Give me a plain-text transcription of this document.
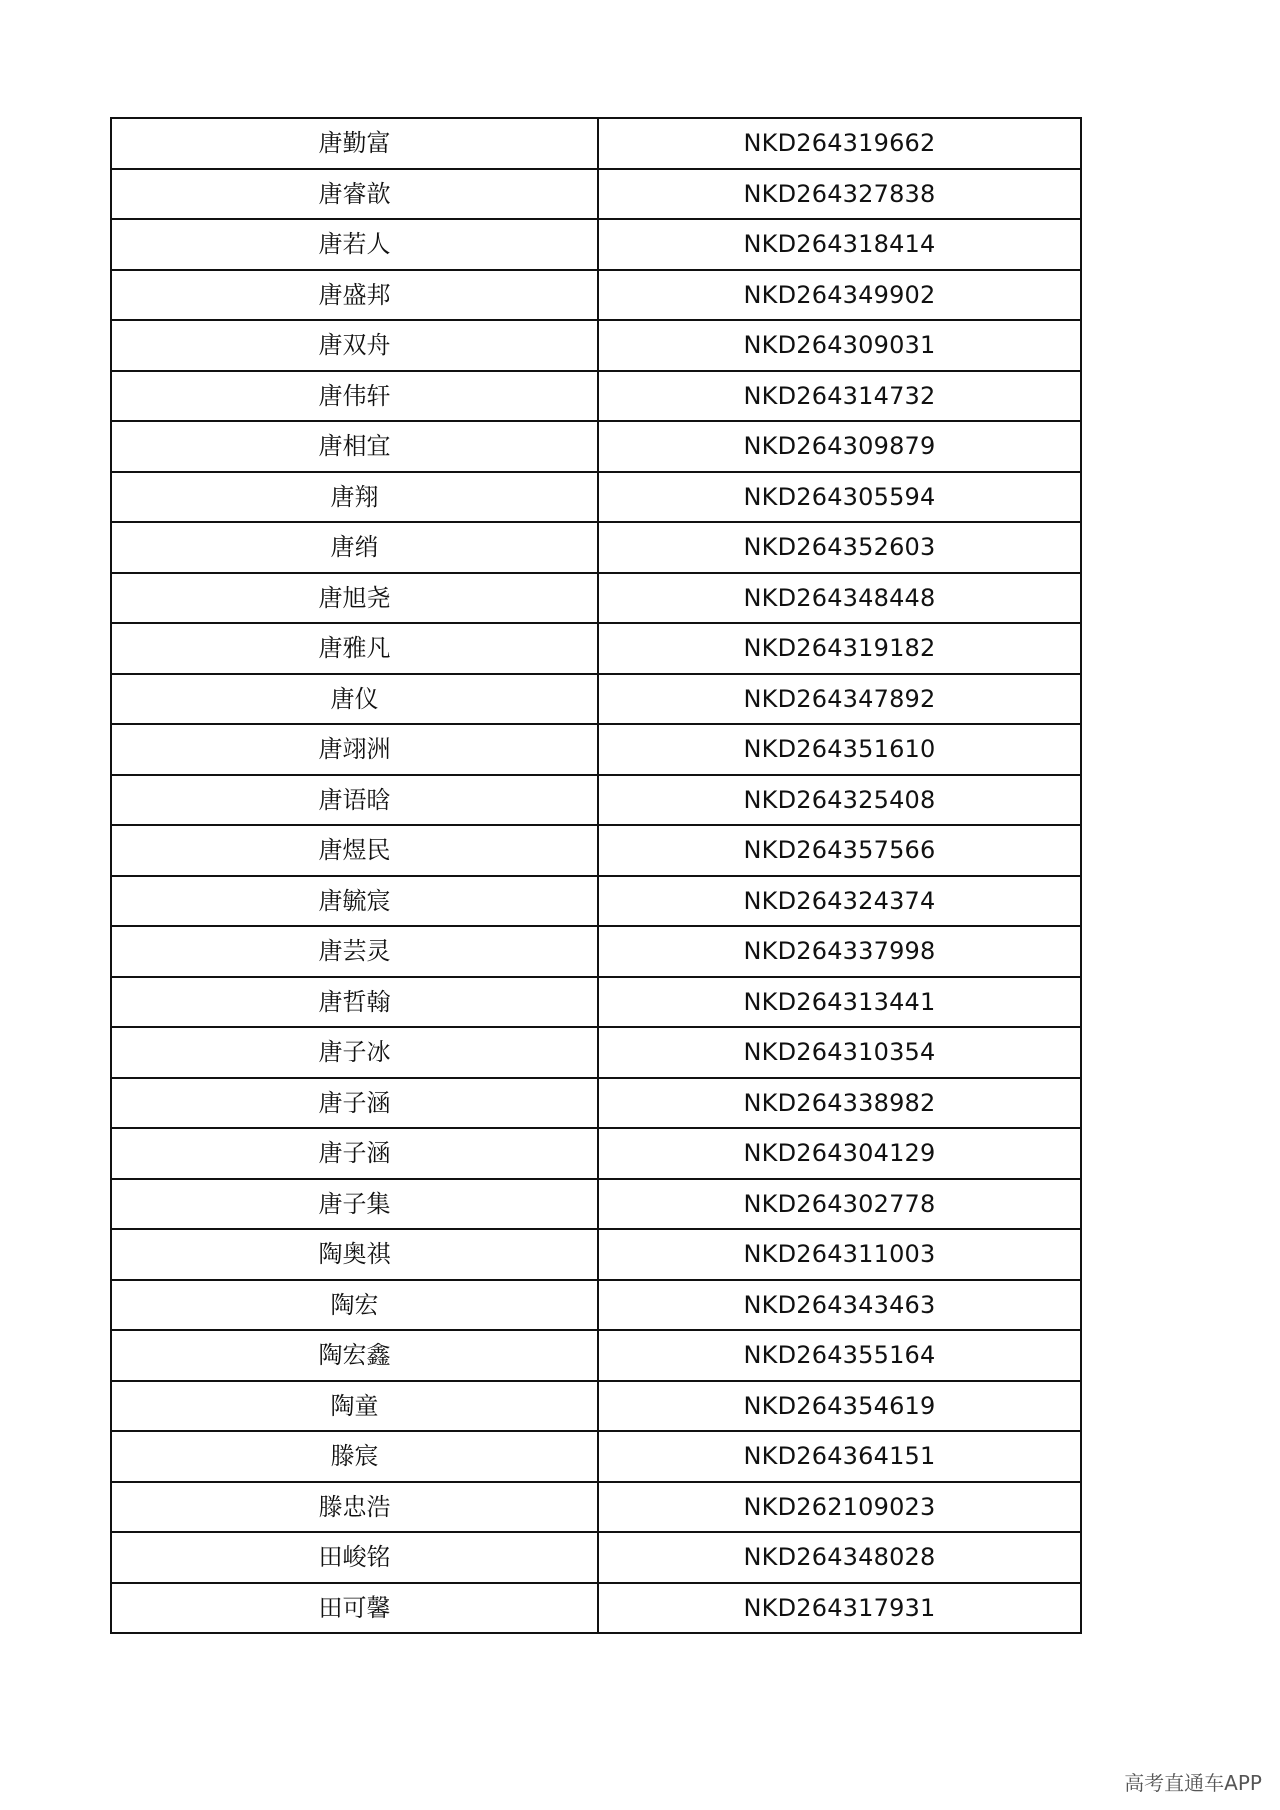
唐勤富	NKD264319662
唐睿歆	NKD264327838
唐若人	NKD264318414
唐盛邦	NKD264349902
唐双舟	NKD264309031
唐伟轩	NKD264314732
唐相宜	NKD264309879
唐翔	NKD264305594
唐绡	NKD264352603
唐旭尧	NKD264348448
唐雅凡	NKD264319182
唐仪	NKD264347892
唐翊洲	NKD264351610
唐语晗	NKD264325408
唐煜民	NKD264357566
唐毓宸	NKD264324374
唐芸灵	NKD264337998
唐哲翰	NKD264313441
唐子冰	NKD264310354
唐子涵	NKD264338982
唐子涵	NKD264304129
唐子集	NKD264302778
陶奥祺	NKD264311003
陶宏	NKD264343463
陶宏鑫	NKD264355164
陶童	NKD264354619
滕宸	NKD264364151
滕忠浩	NKD262109023
田峻铭	NKD264348028
田可馨	NKD264317931
高考直通车APP
